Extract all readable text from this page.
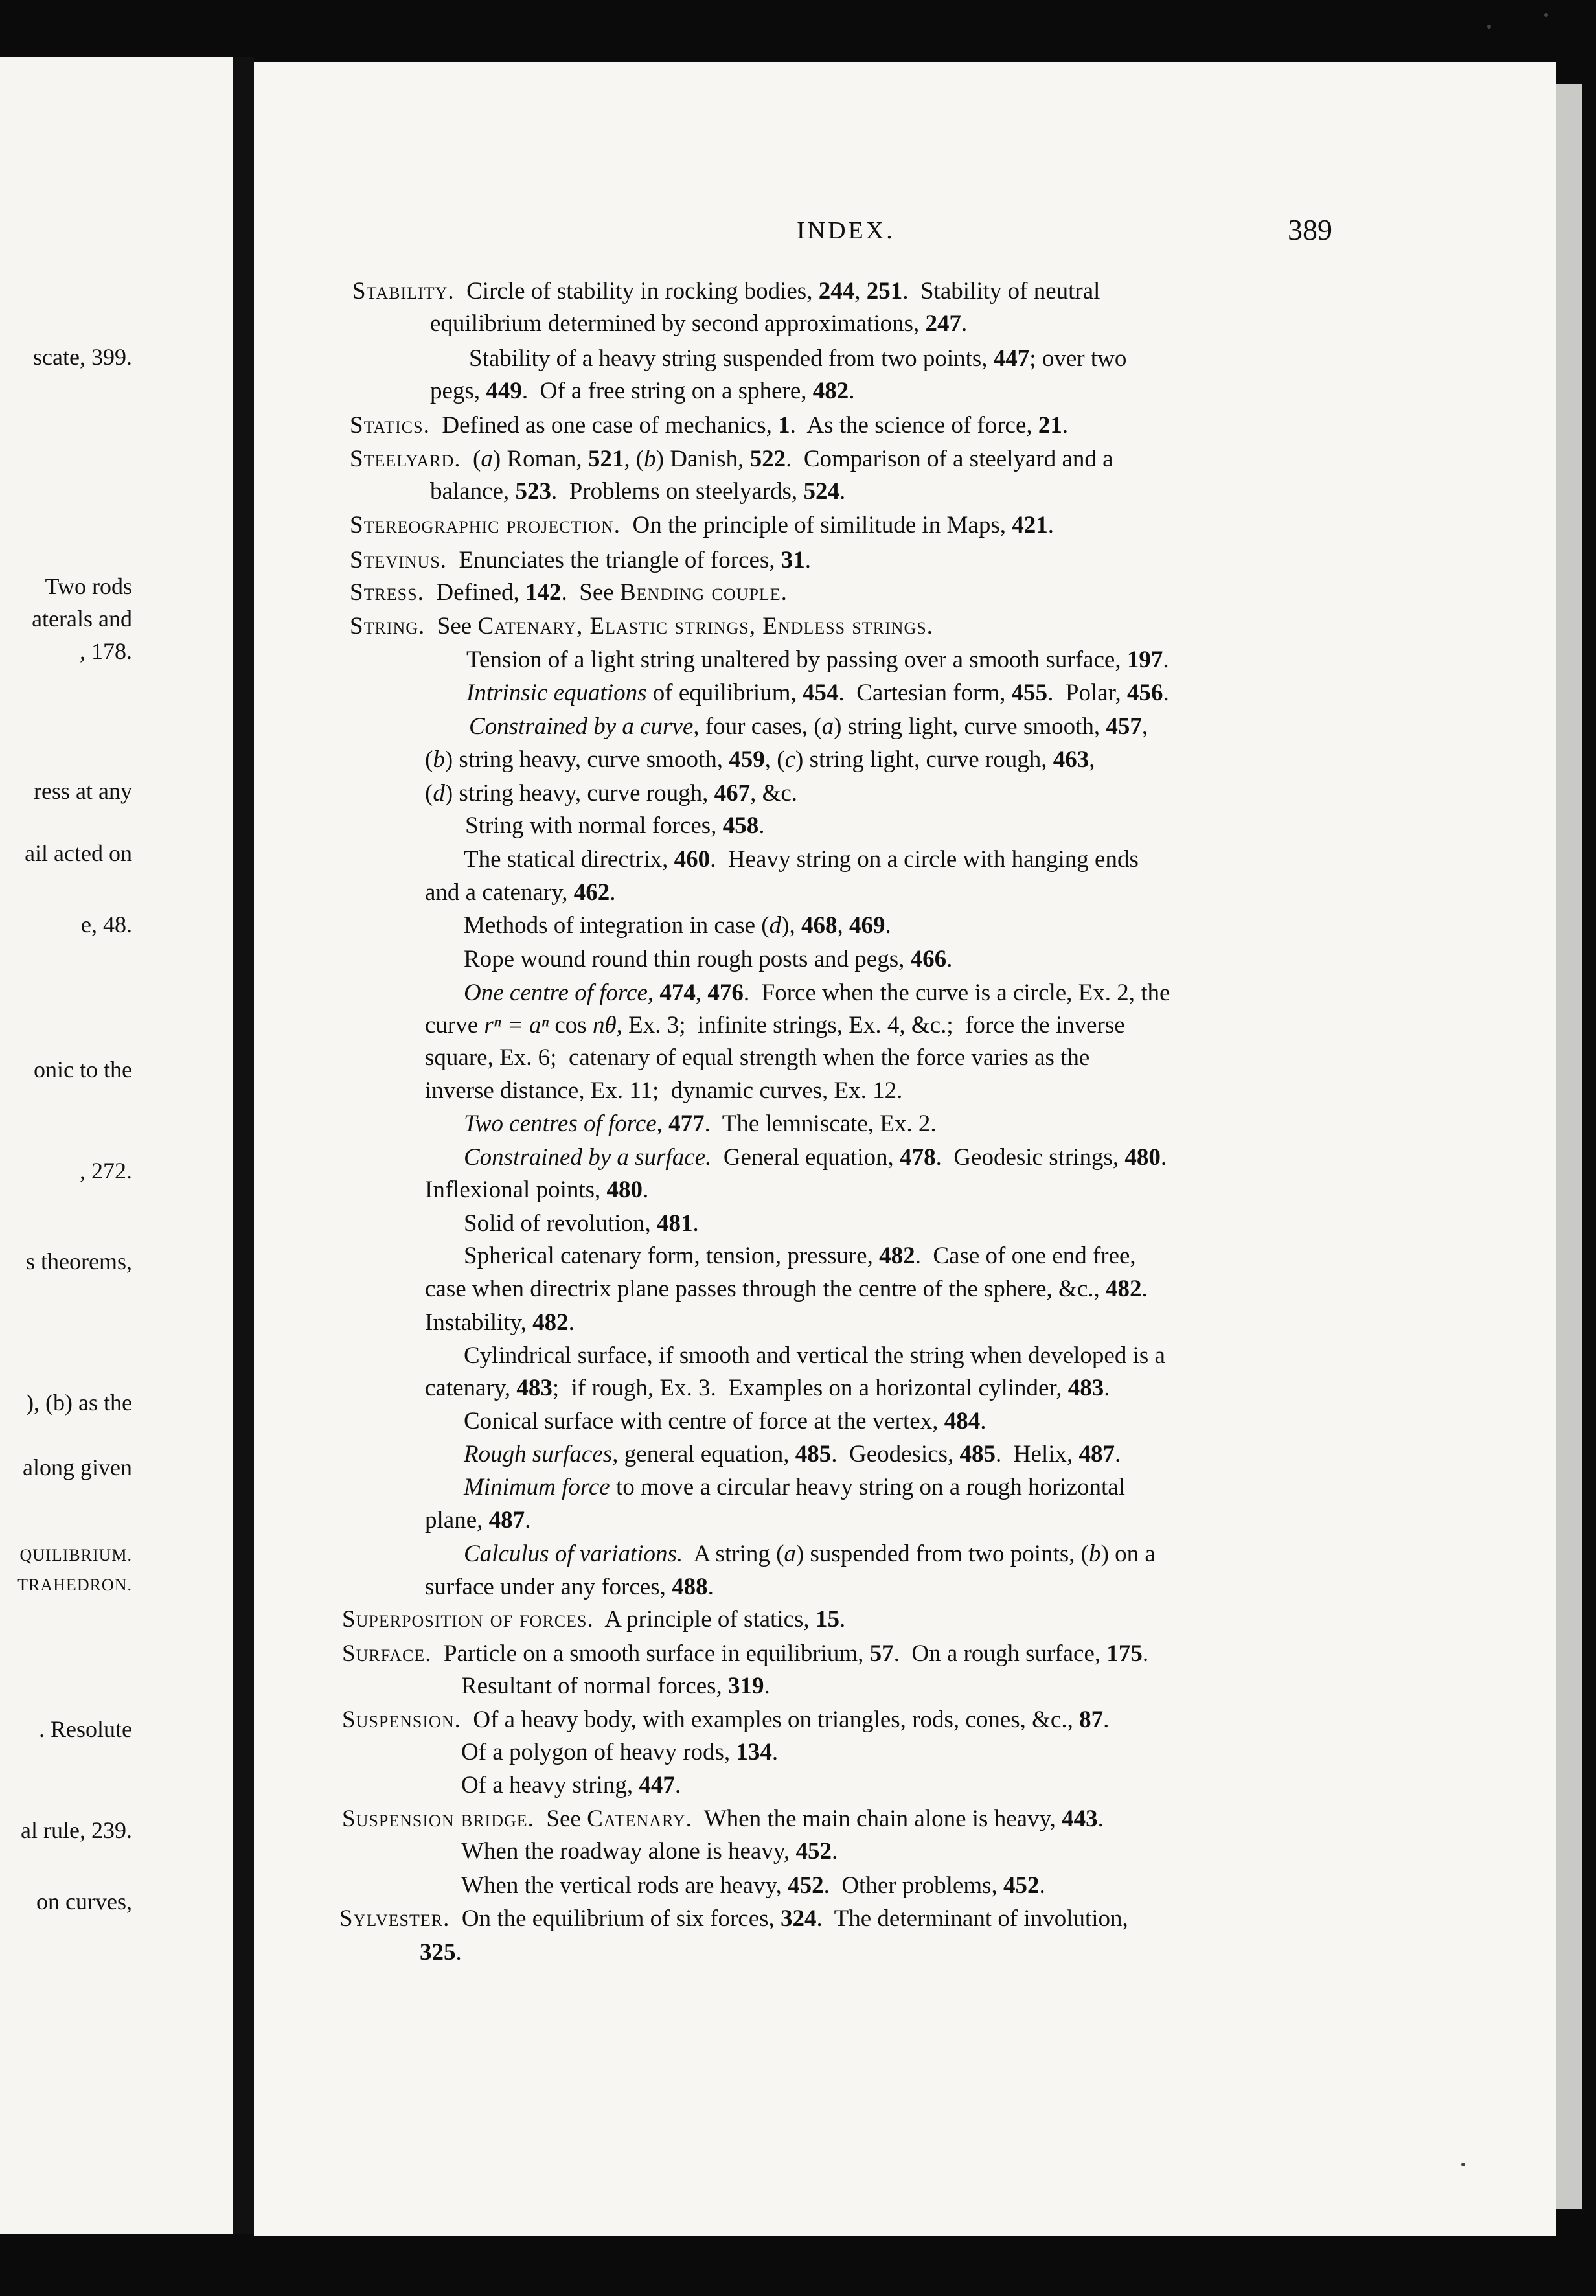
scate, 399.
Two rods
aterals and
, 178.
ress at any
ail acted on
e, 48.
onic to the
, 272.
s theorems,
), (b) as the
along given
QUILIBRIUM.
TRAHEDRON.
. Resolute
al rule, 239.
on curves,
INDEX.	389
Stability.  Circle of stability in rocking bodies, 244, 251.  Stability of neutral
equilibrium determined by second approximations, 247.
Stability of a heavy string suspended from two points, 447; over two
pegs, 449.  Of a free string on a sphere, 482.
Statics.  Defined as one case of mechanics, 1.  As the science of force, 21.
Steelyard.  (a) Roman, 521, (b) Danish, 522.  Comparison of a steelyard and a
balance, 523.  Problems on steelyards, 524.
Stereographic projection.  On the principle of similitude in Maps, 421.
Stevinus.  Enunciates the triangle of forces, 31.
Stress.  Defined, 142.  See Bending couple.
String.  See Catenary, Elastic strings, Endless strings.
Tension of a light string unaltered by passing over a smooth surface, 197.
Intrinsic equations of equilibrium, 454.  Cartesian form, 455.  Polar, 456.
Constrained by a curve, four cases, (a) string light, curve smooth, 457,
(b) string heavy, curve smooth, 459, (c) string light, curve rough, 463,
(d) string heavy, curve rough, 467, &c.
String with normal forces, 458.
The statical directrix, 460.  Heavy string on a circle with hanging ends
and a catenary, 462.
Methods of integration in case (d), 468, 469.
Rope wound round thin rough posts and pegs, 466.
One centre of force, 474, 476.  Force when the curve is a circle, Ex. 2, the
curve rⁿ = aⁿ cos nθ, Ex. 3;  infinite strings, Ex. 4, &c.;  force the inverse
square, Ex. 6;  catenary of equal strength when the force varies as the
inverse distance, Ex. 11;  dynamic curves, Ex. 12.
Two centres of force, 477.  The lemniscate, Ex. 2.
Constrained by a surface.  General equation, 478.  Geodesic strings, 480.
Inflexional points, 480.
Solid of revolution, 481.
Spherical catenary form, tension, pressure, 482.  Case of one end free,
case when directrix plane passes through the centre of the sphere, &c., 482.
Instability, 482.
Cylindrical surface, if smooth and vertical the string when developed is a
catenary, 483;  if rough, Ex. 3.  Examples on a horizontal cylinder, 483.
Conical surface with centre of force at the vertex, 484.
Rough surfaces, general equation, 485.  Geodesics, 485.  Helix, 487.
Minimum force to move a circular heavy string on a rough horizontal
plane, 487.
Calculus of variations.  A string (a) suspended from two points, (b) on a
surface under any forces, 488.
Superposition of forces.  A principle of statics, 15.
Surface.  Particle on a smooth surface in equilibrium, 57.  On a rough surface, 175.
Resultant of normal forces, 319.
Suspension.  Of a heavy body, with examples on triangles, rods, cones, &c., 87.
Of a polygon of heavy rods, 134.
Of a heavy string, 447.
Suspension bridge.  See Catenary.  When the main chain alone is heavy, 443.
When the roadway alone is heavy, 452.
When the vertical rods are heavy, 452.  Other problems, 452.
Sylvester.  On the equilibrium of six forces, 324.  The determinant of involution,
325.
